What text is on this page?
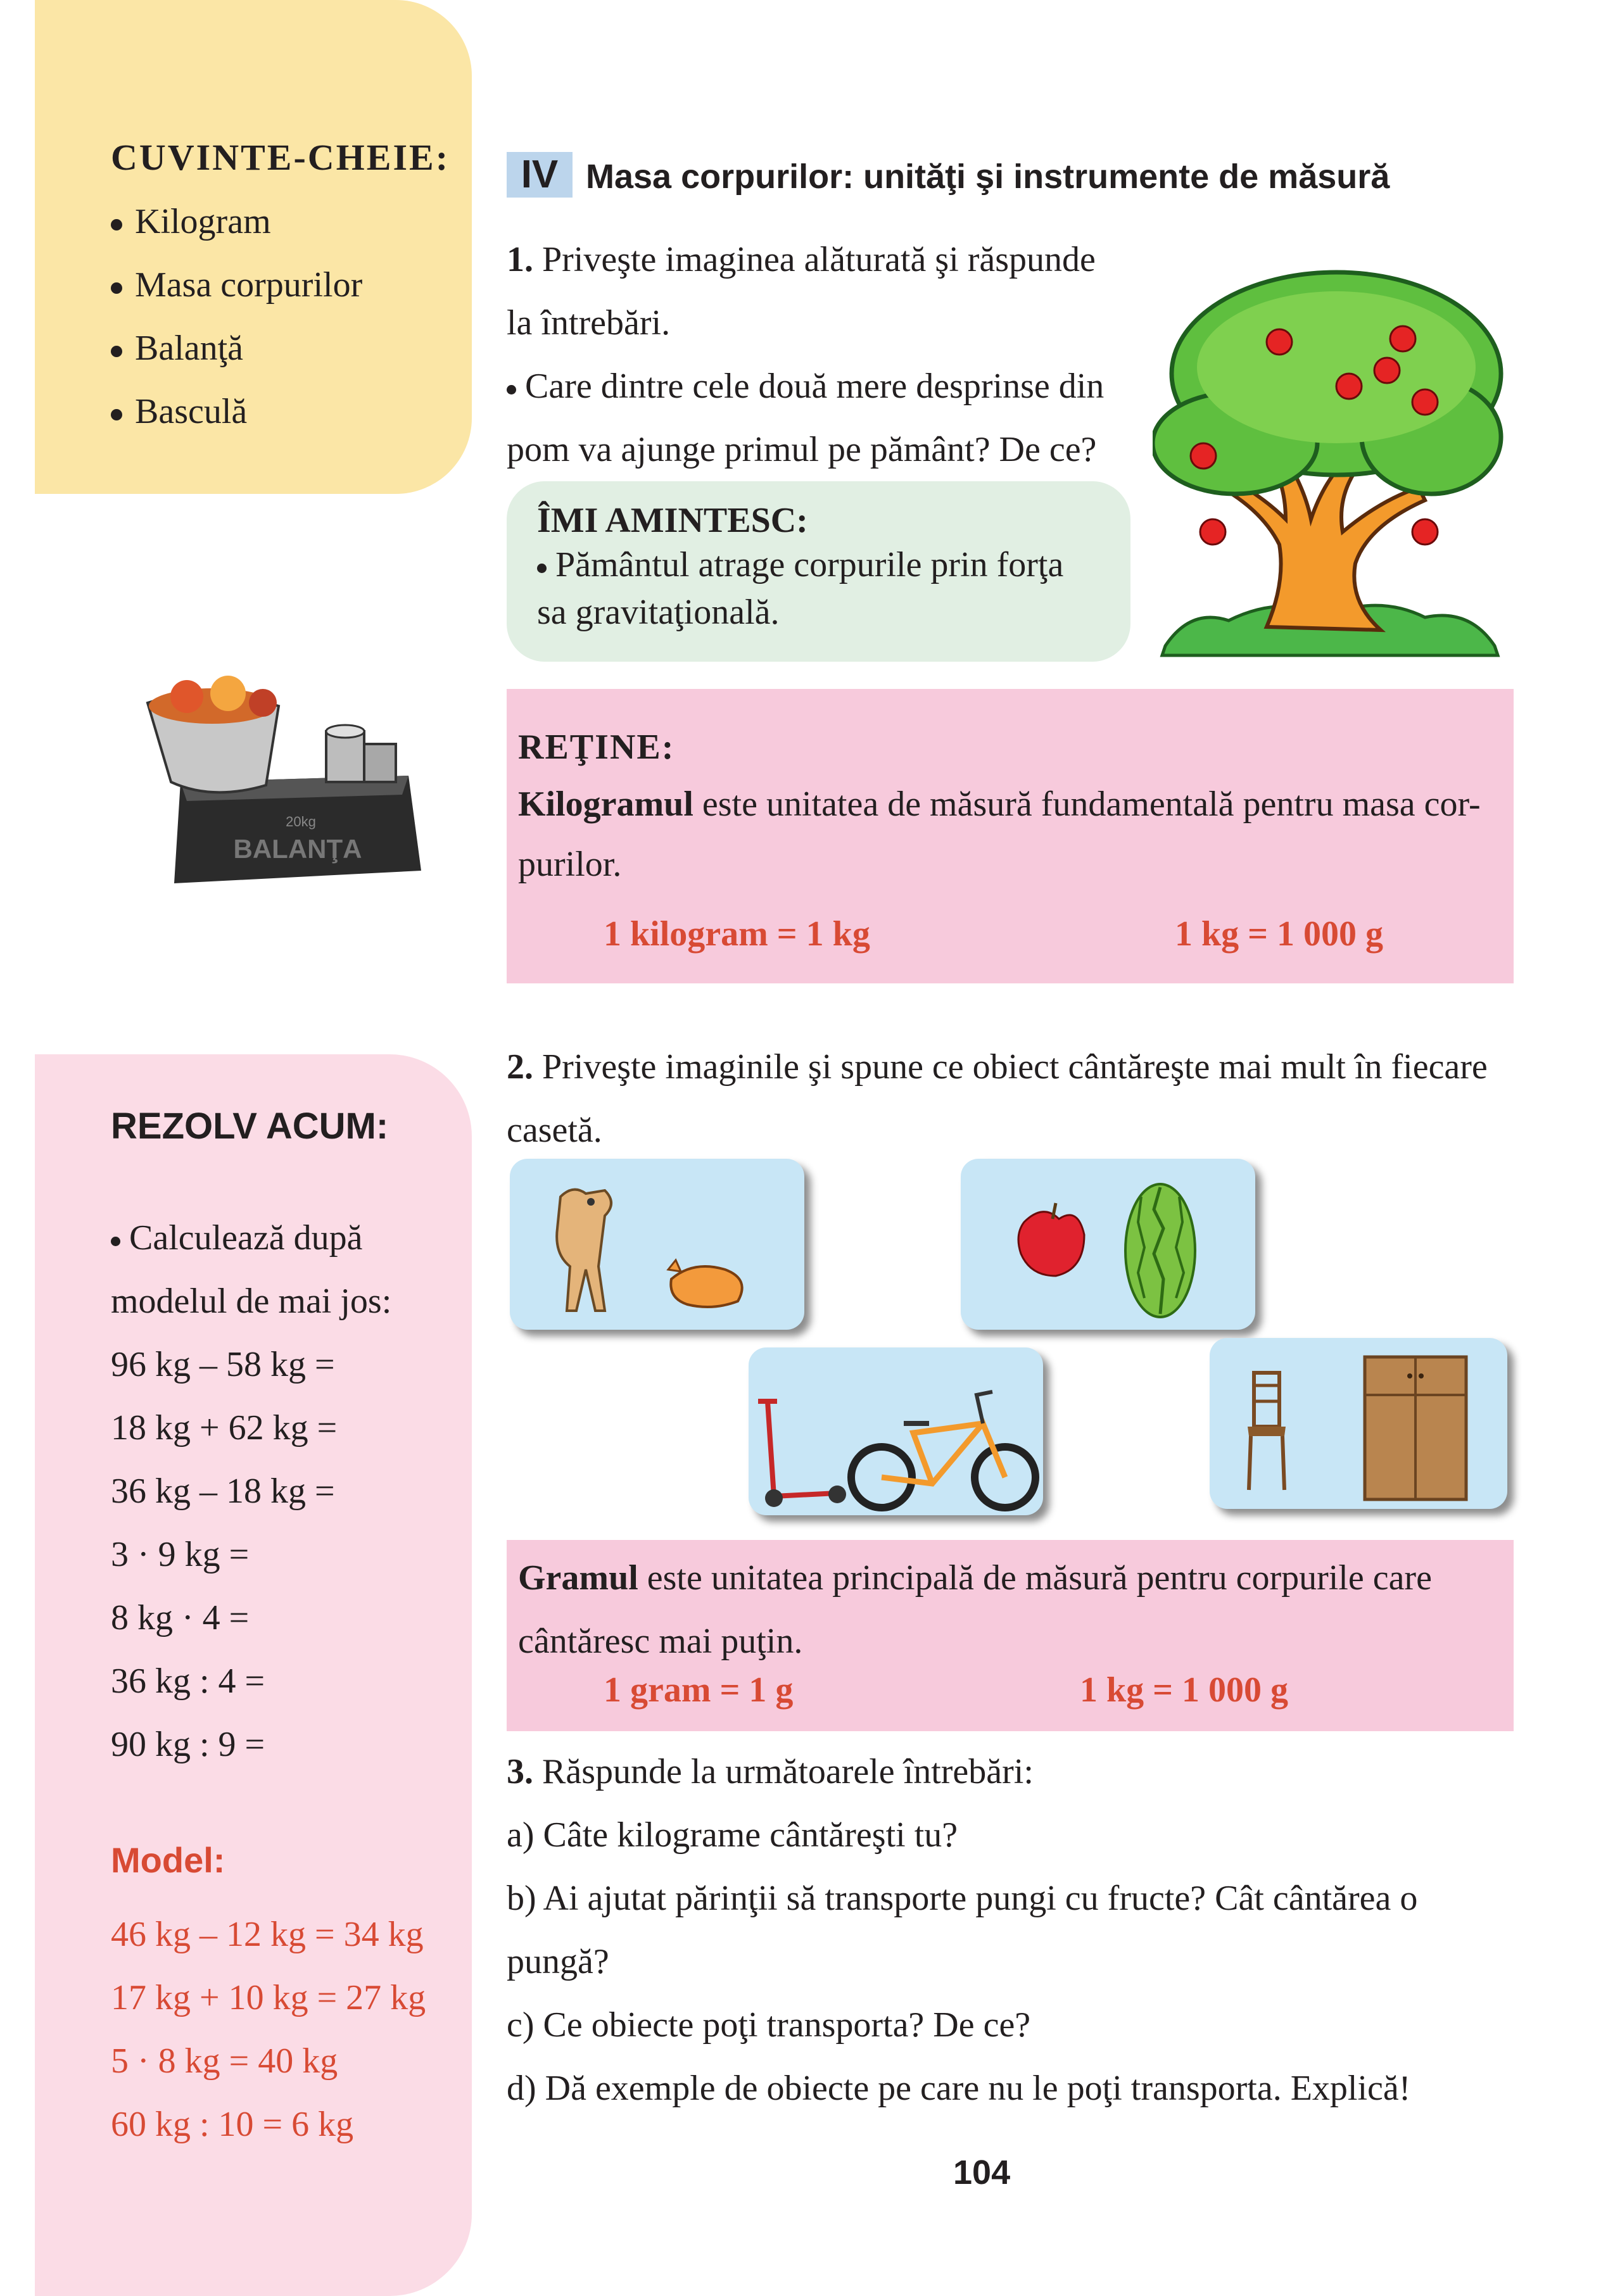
CUVINTE-CHEIE:
Kilogram
Masa corpurilor
Balanţă
Basculă
IV Masa corpurilor: unităţi şi instrumente de măsură
1. Priveşte imaginea alăturată şi răspunde
la întrebări.
Care dintre cele două mere desprinse din
pom va ajunge primul pe pământ? De ce?
ÎMI AMINTESC:
Pământul atrage corpurile prin forţa
sa gravitaţională.
20kg
BALANŢA
REŢINE:
Kilogramul este unitatea de măsură fundamentală pentru masa cor-
purilor.
1 kilogram = 1 kg	1 kg = 1 000 g
REZOLV ACUM:
Calculează după
modelul de mai jos:
96 kg – 58 kg =
18 kg + 62 kg =
36 kg – 18 kg =
3 · 9 kg =
8 kg · 4 =
36 kg : 4 =
90 kg : 9 =
Model:
46 kg – 12 kg = 34 kg
17 kg + 10 kg = 27 kg
5 · 8 kg = 40 kg
60 kg : 10 = 6 kg
2. Priveşte imaginile şi spune ce obiect cântăreşte mai mult în fiecare
casetă.
Gramul este unitatea principală de măsură pentru corpurile care
cântăresc mai puţin.
1 gram = 1 g	1 kg = 1 000 g
3. Răspunde la următoarele întrebări:
a) Câte kilograme cântăreşti tu?
b) Ai ajutat părinţii să transporte pungi cu fructe? Cât cântărea o
pungă?
c) Ce obiecte poţi transporta? De ce?
d) Dă exemple de obiecte pe care nu le poţi transporta. Explică!
104
